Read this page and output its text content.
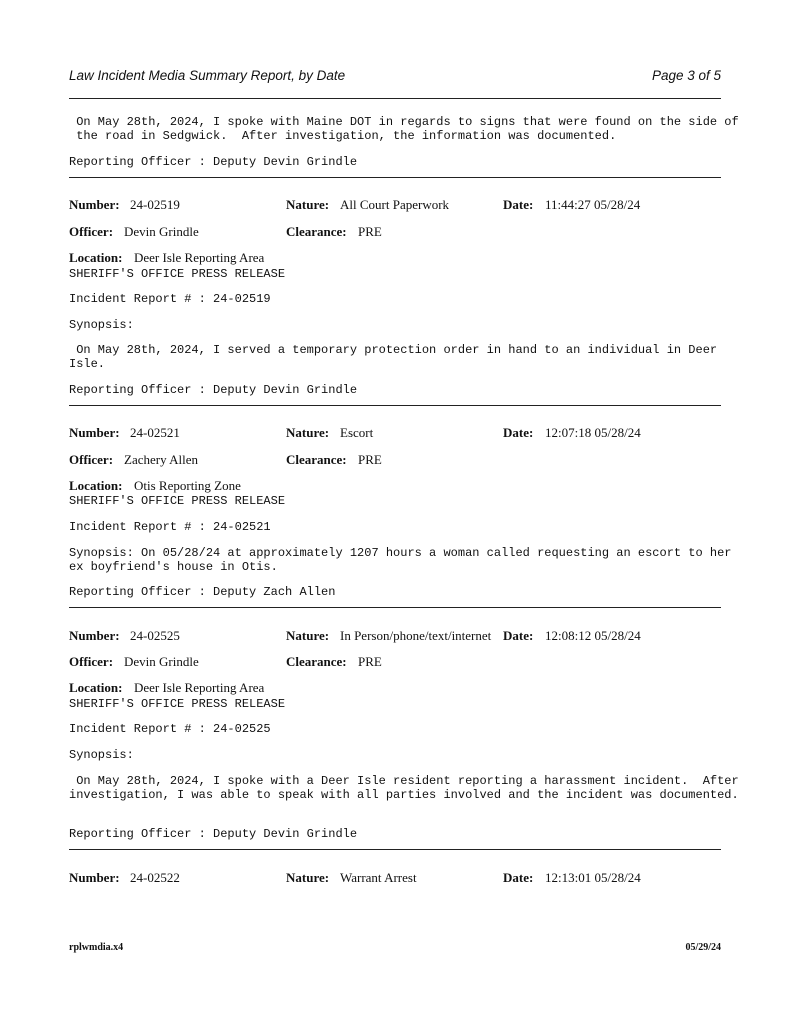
Law Incident Media Summary Report, by Date	Page 3 of 5
On May 28th, 2024, I spoke with Maine DOT in regards to signs that were found on the side of
the road in Sedgwick.  After investigation, the information was documented.
Reporting Officer : Deputy Devin Grindle
Number: 24-02519	Nature: All Court Paperwork	Date: 11:44:27 05/28/24
Officer: Devin Grindle	Clearance: PRE
Location: Deer Isle Reporting Area
SHERIFF'S OFFICE PRESS RELEASE
Incident Report # : 24-02519
Synopsis:
On May 28th, 2024, I served a temporary protection order in hand to an individual in Deer
Isle.
Reporting Officer : Deputy Devin Grindle
Number: 24-02521	Nature: Escort	Date: 12:07:18 05/28/24
Officer: Zachery Allen	Clearance: PRE
Location: Otis Reporting Zone
SHERIFF'S OFFICE PRESS RELEASE
Incident Report # : 24-02521
Synopsis: On 05/28/24 at approximately 1207 hours a woman called requesting an escort to her
ex boyfriend's house in Otis.
Reporting Officer : Deputy Zach Allen
Number: 24-02525	Nature: In Person/phone/text/internet Date: 12:08:12 05/28/24
Officer: Devin Grindle	Clearance: PRE
Location: Deer Isle Reporting Area
SHERIFF'S OFFICE PRESS RELEASE
Incident Report # : 24-02525
Synopsis:
On May 28th, 2024, I spoke with a Deer Isle resident reporting a harassment incident.  After
investigation, I was able to speak with all parties involved and the incident was documented.
Reporting Officer : Deputy Devin Grindle
Number: 24-02522	Nature: Warrant Arrest	Date: 12:13:01 05/28/24
rplwmdia.x4	05/29/24
